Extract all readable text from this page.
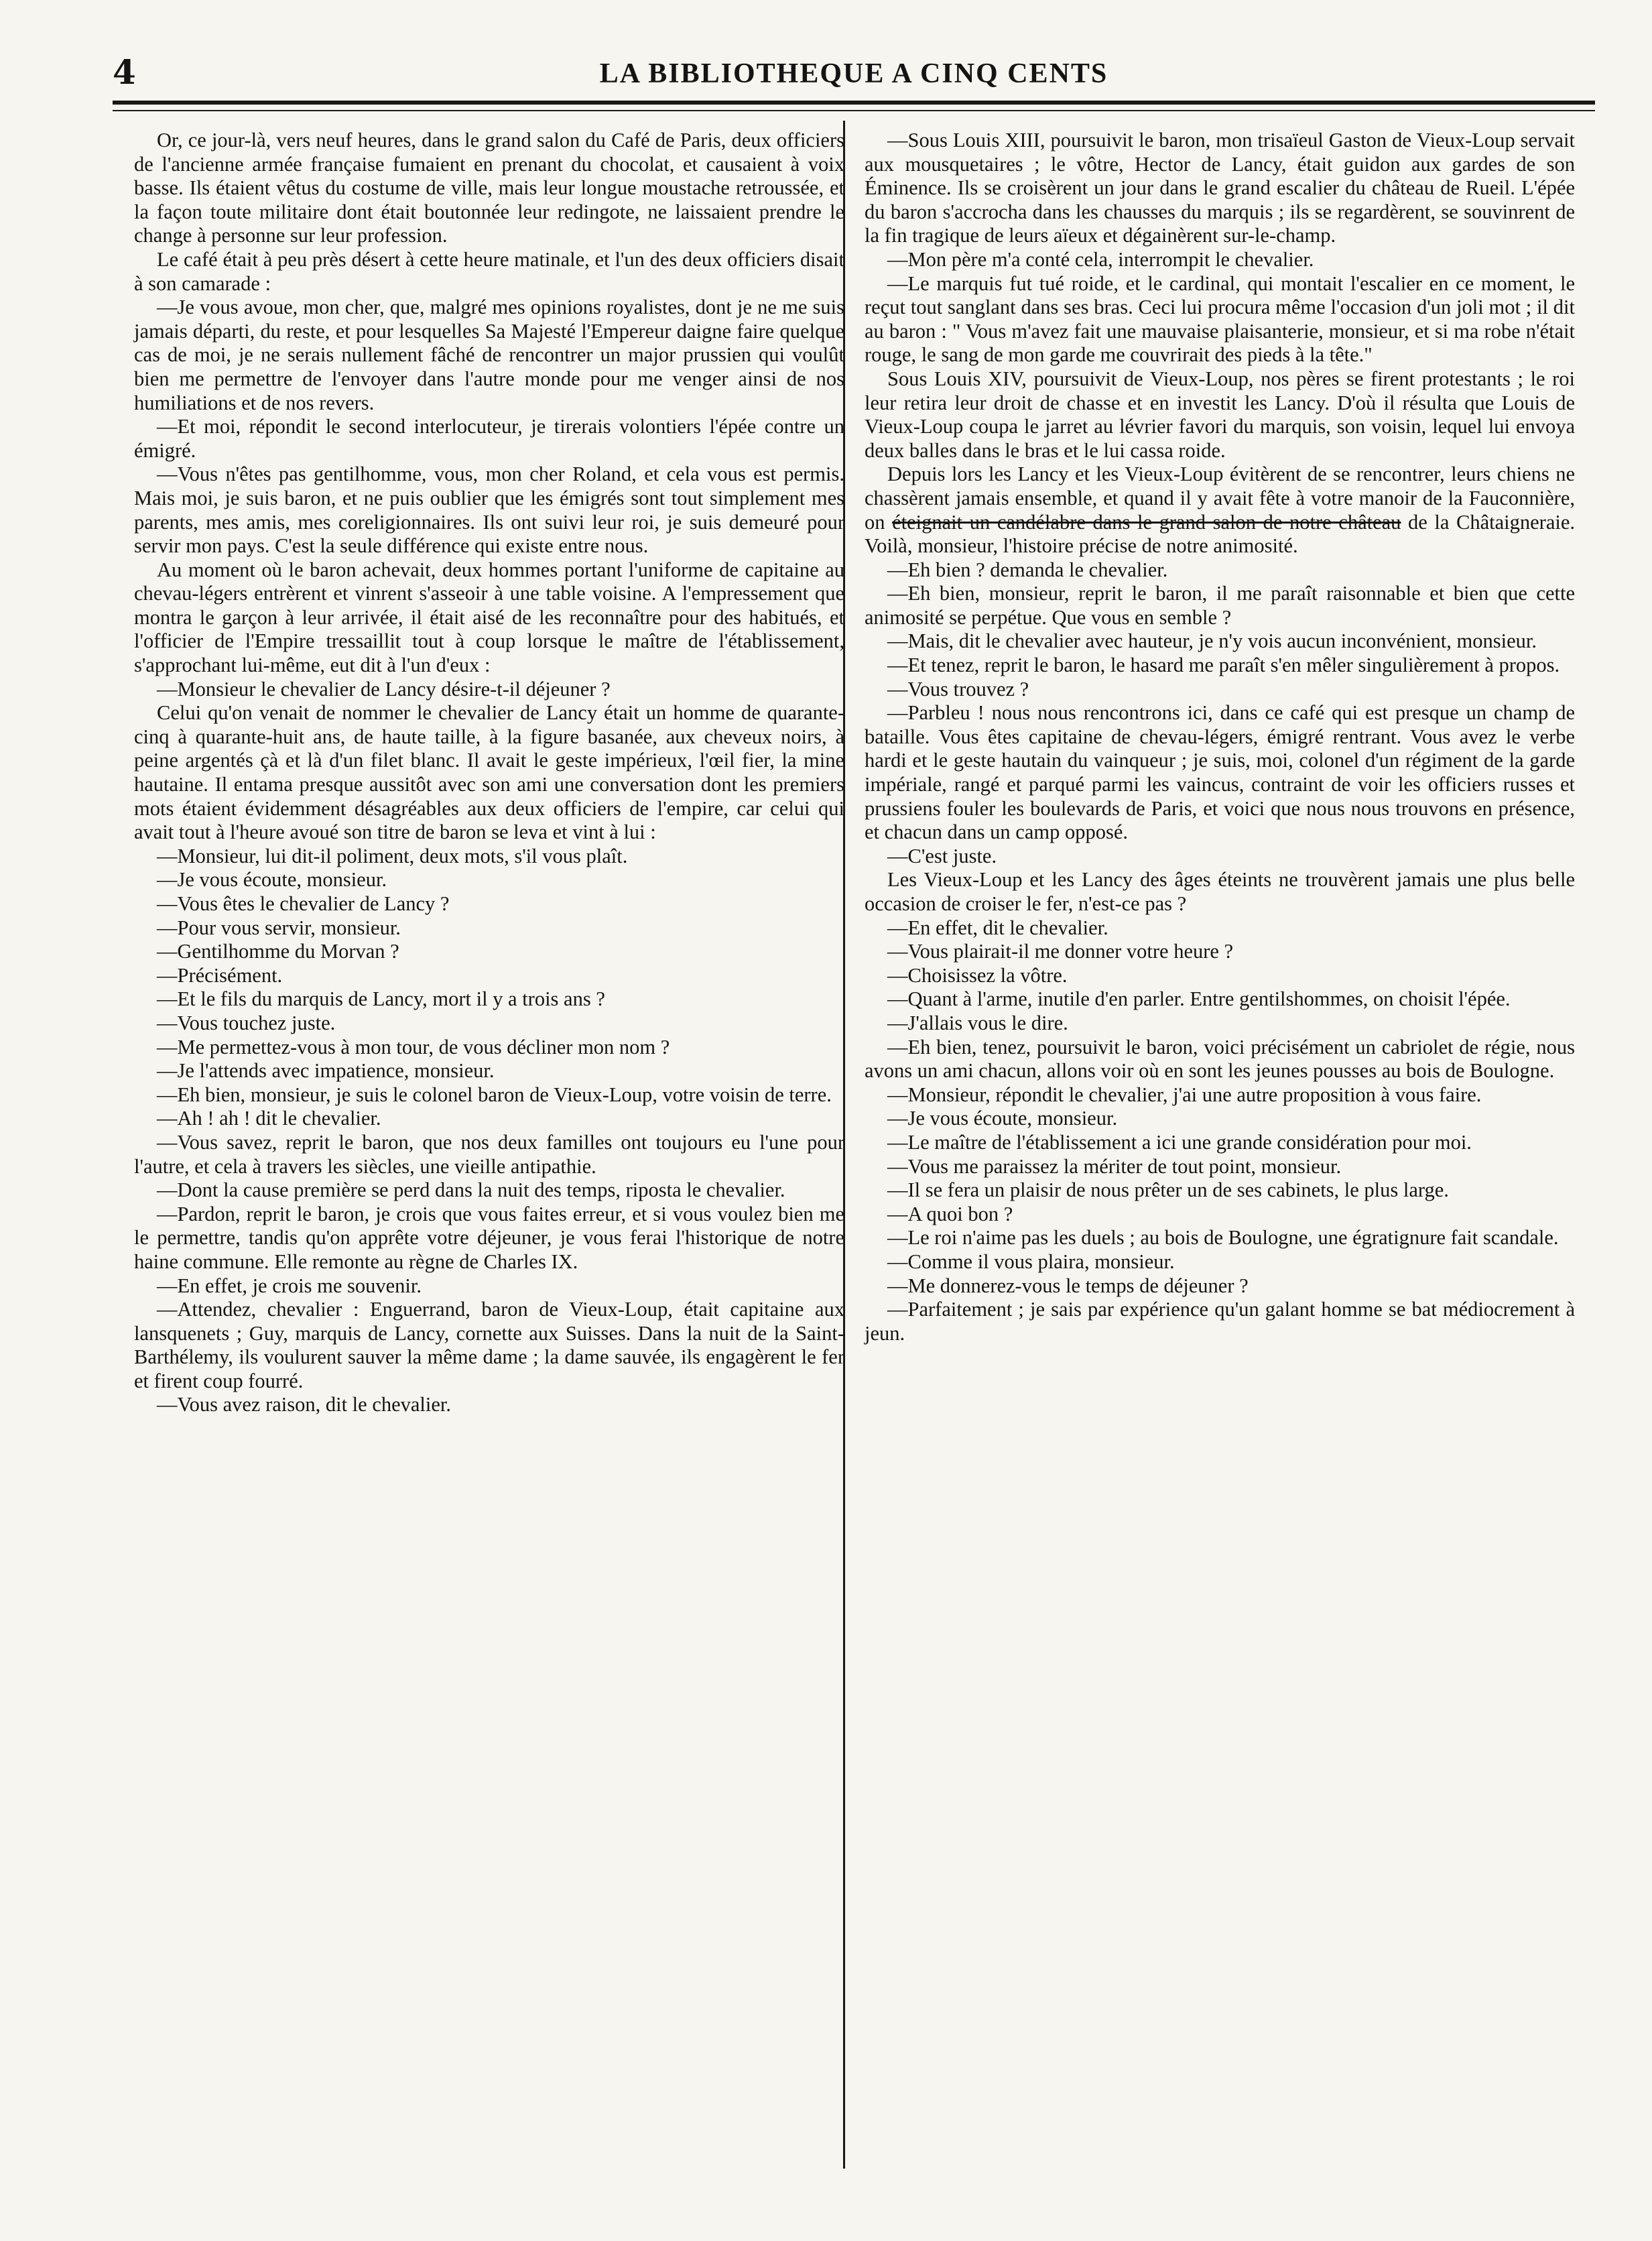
4	LA BIBLIOTHEQUE A CINQ CENTS

Or, ce jour-là, vers neuf heures, dans le grand salon du Café de Paris, deux officiers de l'ancienne armée française fumaient en prenant du chocolat, et causaient à voix basse. Ils étaient vêtus du costume de ville, mais leur longue moustache retroussée, et la façon toute militaire dont était boutonnée leur redingote, ne laissaient prendre le change à personne sur leur profession.

Le café était à peu près désert à cette heure matinale, et l'un des deux officiers disait à son camarade :

—Je vous avoue, mon cher, que, malgré mes opinions royalistes, dont je ne me suis jamais départi, du reste, et pour lesquelles Sa Majesté l'Empereur daigne faire quelque cas de moi, je ne serais nullement fâché de rencontrer un major prussien qui voulût bien me permettre de l'envoyer dans l'autre monde pour me venger ainsi de nos humiliations et de nos revers.

—Et moi, répondit le second interlocuteur, je tirerais volontiers l'épée contre un émigré.

—Vous n'êtes pas gentilhomme, vous, mon cher Roland, et cela vous est permis. Mais moi, je suis baron, et ne puis oublier que les émigrés sont tout simplement mes parents, mes amis, mes coreligionnaires. Ils ont suivi leur roi, je suis demeuré pour servir mon pays. C'est la seule différence qui existe entre nous.

Au moment où le baron achevait, deux hommes portant l'uniforme de capitaine au chevau-légers entrèrent et vinrent s'asseoir à une table voisine. A l'empressement que montra le garçon à leur arrivée, il était aisé de les reconnaître pour des habitués, et l'officier de l'Empire tressaillit tout à coup lorsque le maître de l'établissement, s'approchant lui-même, eut dit à l'un d'eux :

—Monsieur le chevalier de Lancy désire-t-il déjeuner ?

Celui qu'on venait de nommer le chevalier de Lancy était un homme de quarante-cinq à quarante-huit ans, de haute taille, à la figure basanée, aux cheveux noirs, à peine argentés çà et là d'un filet blanc. Il avait le geste impérieux, l'œil fier, la mine hautaine. Il entama presque aussitôt avec son ami une conversation dont les premiers mots étaient évidemment désagréables aux deux officiers de l'empire, car celui qui avait tout à l'heure avoué son titre de baron se leva et vint à lui :

—Monsieur, lui dit-il poliment, deux mots, s'il vous plaît.

—Je vous écoute, monsieur.

—Vous êtes le chevalier de Lancy ?

—Pour vous servir, monsieur.

—Gentilhomme du Morvan ?

—Précisément.

—Et le fils du marquis de Lancy, mort il y a trois ans ?

—Vous touchez juste.

—Me permettez-vous à mon tour, de vous décliner mon nom ?

—Je l'attends avec impatience, monsieur.

—Eh bien, monsieur, je suis le colonel baron de Vieux-Loup, votre voisin de terre.

—Ah ! ah ! dit le chevalier.

—Vous savez, reprit le baron, que nos deux familles ont toujours eu l'une pour l'autre, et cela à travers les siècles, une vieille antipathie.

—Dont la cause première se perd dans la nuit des temps, riposta le chevalier.

—Pardon, reprit le baron, je crois que vous faites erreur, et si vous voulez bien me le permettre, tandis qu'on apprête votre déjeuner, je vous ferai l'historique de notre haine commune. Elle remonte au règne de Charles IX.

—En effet, je crois me souvenir.

—Attendez, chevalier : Enguerrand, baron de Vieux-Loup, était capitaine aux lansquenets ; Guy, marquis de Lancy, cornette aux Suisses. Dans la nuit de la Saint-Barthélemy, ils voulurent sauver la même dame ; la dame sauvée, ils engagèrent le fer et firent coup fourré.

—Vous avez raison, dit le chevalier.

—Sous Louis XIII, poursuivit le baron, mon trisaïeul Gaston de Vieux-Loup servait aux mousquetaires ; le vôtre, Hector de Lancy, était guidon aux gardes de son Éminence. Ils se croisèrent un jour dans le grand escalier du château de Rueil. L'épée du baron s'accrocha dans les chausses du marquis ; ils se regardèrent, se souvinrent de la fin tragique de leurs aïeux et dégainèrent sur-le-champ.

—Mon père m'a conté cela, interrompit le chevalier.

—Le marquis fut tué roide, et le cardinal, qui montait l'escalier en ce moment, le reçut tout sanglant dans ses bras. Ceci lui procura même l'occasion d'un joli mot ; il dit au baron : " Vous m'avez fait une mauvaise plaisanterie, monsieur, et si ma robe n'était rouge, le sang de mon garde me couvrirait des pieds à la tête."

Sous Louis XIV, poursuivit de Vieux-Loup, nos pères se firent protestants ; le roi leur retira leur droit de chasse et en investit les Lancy. D'où il résulta que Louis de Vieux-Loup coupa le jarret au lévrier favori du marquis, son voisin, lequel lui envoya deux balles dans le bras et le lui cassa roide.

Depuis lors les Lancy et les Vieux-Loup évitèrent de se rencontrer, leurs chiens ne chassèrent jamais ensemble, et quand il y avait fête à votre manoir de la Fauconnière, on éteignait un candélabre dans le grand salon de notre château de la Châtaigneraie. Voilà, monsieur, l'histoire précise de notre animosité.

—Eh bien ? demanda le chevalier.

—Eh bien, monsieur, reprit le baron, il me paraît raisonnable et bien que cette animosité se perpétue. Que vous en semble ?

—Mais, dit le chevalier avec hauteur, je n'y vois aucun inconvénient, monsieur.

—Et tenez, reprit le baron, le hasard me paraît s'en mêler singulièrement à propos.

—Vous trouvez ?

—Parbleu ! nous nous rencontrons ici, dans ce café qui est presque un champ de bataille. Vous êtes capitaine de chevau-légers, émigré rentrant. Vous avez le verbe hardi et le geste hautain du vainqueur ; je suis, moi, colonel d'un régiment de la garde impériale, rangé et parqué parmi les vaincus, contraint de voir les officiers russes et prussiens fouler les boulevards de Paris, et voici que nous nous trouvons en présence, et chacun dans un camp opposé.

—C'est juste.

Les Vieux-Loup et les Lancy des âges éteints ne trouvèrent jamais une plus belle occasion de croiser le fer, n'est-ce pas ?

—En effet, dit le chevalier.

—Vous plairait-il me donner votre heure ?

—Choisissez la vôtre.

—Quant à l'arme, inutile d'en parler. Entre gentilshommes, on choisit l'épée.

—J'allais vous le dire.

—Eh bien, tenez, poursuivit le baron, voici précisément un cabriolet de régie, nous avons un ami chacun, allons voir où en sont les jeunes pousses au bois de Boulogne.

—Monsieur, répondit le chevalier, j'ai une autre proposition à vous faire.

—Je vous écoute, monsieur.

—Le maître de l'établissement a ici une grande considération pour moi.

—Vous me paraissez la mériter de tout point, monsieur.

—Il se fera un plaisir de nous prêter un de ses cabinets, le plus large.

—A quoi bon ?

—Le roi n'aime pas les duels ; au bois de Boulogne, une égratignure fait scandale.

—Comme il vous plaira, monsieur.

—Me donnerez-vous le temps de déjeuner ?

—Parfaitement ; je sais par expérience qu'un galant homme se bat médiocrement à jeun.
